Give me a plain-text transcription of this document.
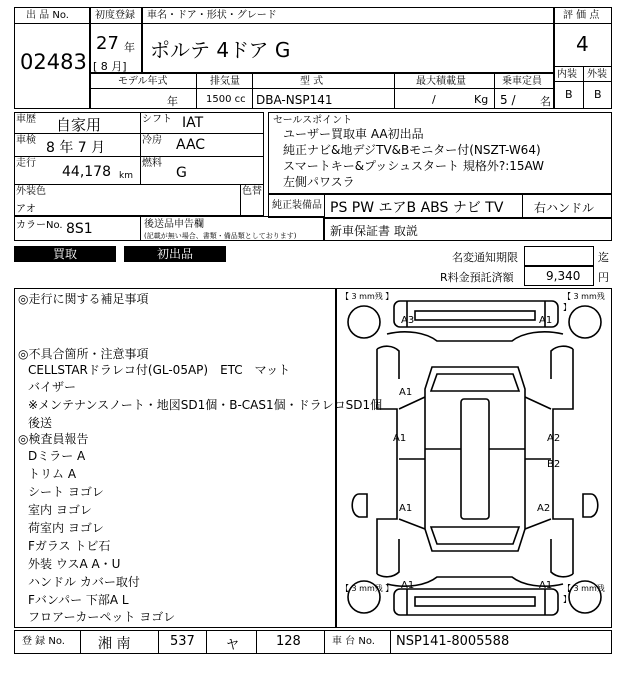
出 品 No.
02483
初度登録
27 年
[ 8 月]
車名・ドア・形状・グレード
ポルテ 4ドア G
評 価 点
4
内装 外装
B B
モデル年式	排気量	型 式	最大積載量	乗車定員
年	1500 cc DBA-NSP141	/	Kg 5 / 名
車歴 自家用	シフト IAT
車検 8 年 7 月	冷房 AAC
走行
44,178 km
燃料
G
外装色
アオ
色替
カラーNo. 8S1	後送品申告欄
(記載が無い場合、書類・備品類としております)
セールスポイント
ユーザー買取車 AA初出品
純正ナビ&地デジTV&Bモニター付(NSZT-W64)
スマートキー&プッシュスタート 規格外?:15AW
左側パワスラ
純正装備品 PS PW エアB ABS ナビ TV	右ハンドル
新車保証書 取説
買取	初出品	名変通知期限	迄
R料金預託済額	9,340 円
◎走行に関する補足事項
◎不具合箇所・注意事項
CELLSTARドラレコ付(GL-05AP)　ETC　マット
バイザー
※メンテナンスノート・地図SD1個・B-CAS1個・ドラレコSD1個
後送
◎検査員報告
Dミラー A
トリム A
シート ヨゴレ
室内 ヨゴレ
荷室内 ヨゴレ
Fガラス トビ石
外装 ウスA A・U
ハンドル カバー取付
Fバンパー 下部A L
フロアーカーペット ヨゴレ
【 3 mm残 】	【 3 mm残 】
【 3 mm残 】	【 3 mm残 】
A3	A1
A1
A1	A2
B2
A1	A2
A1	A1
登 録 No. 湘 南	537 ヤ	128	車 台 No. NSP141-8005588
